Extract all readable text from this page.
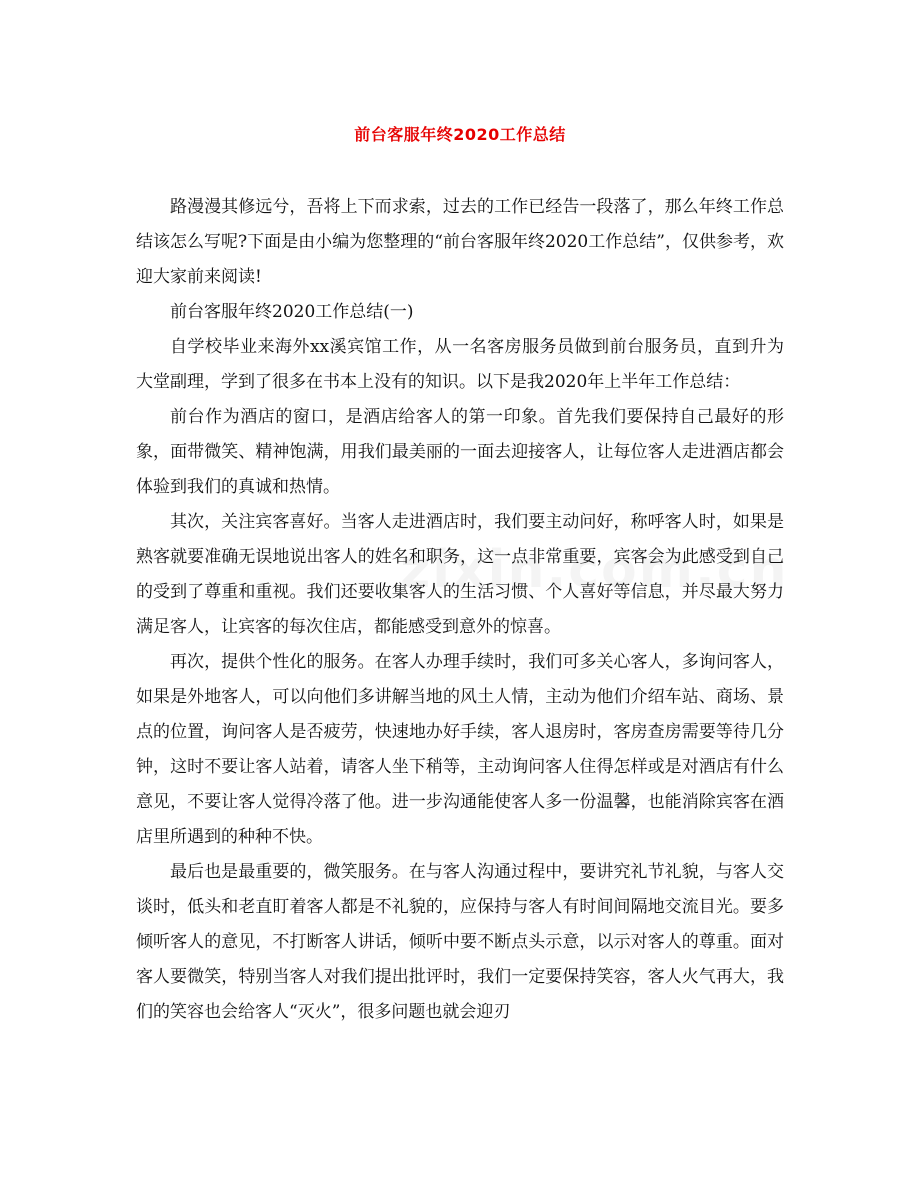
前台客服年终2020工作总结

路漫漫其修远兮，吾将上下而求索，过去的工作已经告一段落了，那么年终工作总结该怎么写呢?下面是由小编为您整理的“前台客服年终2020工作总结”，仅供参考，欢迎大家前来阅读!

前台客服年终2020工作总结(一)

自学校毕业来海外xx溪宾馆工作，从一名客房服务员做到前台服务员，直到升为大堂副理，学到了很多在书本上没有的知识。以下是我2020年上半年工作总结：

前台作为酒店的窗口，是酒店给客人的第一印象。首先我们要保持自己最好的形象，面带微笑、精神饱满，用我们最美丽的一面去迎接客人，让每位客人走进酒店都会体验到我们的真诚和热情。

其次，关注宾客喜好。当客人走进酒店时，我们要主动问好，称呼客人时，如果是熟客就要准确无误地说出客人的姓名和职务，这一点非常重要，宾客会为此感受到自己的受到了尊重和重视。我们还要收集客人的生活习惯、个人喜好等信息，并尽最大努力满足客人，让宾客的每次住店，都能感受到意外的惊喜。

再次，提供个性化的服务。在客人办理手续时，我们可多关心客人，多询问客人，如果是外地客人，可以向他们多讲解当地的风土人情，主动为他们介绍车站、商场、景点的位置，询问客人是否疲劳，快速地办好手续，客人退房时，客房查房需要等待几分钟，这时不要让客人站着，请客人坐下稍等，主动询问客人住得怎样或是对酒店有什么意见，不要让客人觉得冷落了他。进一步沟通能使客人多一份温馨，也能消除宾客在酒店里所遇到的种种不快。

最后也是最重要的，微笑服务。在与客人沟通过程中，要讲究礼节礼貌，与客人交谈时，低头和老直盯着客人都是不礼貌的，应保持与客人有时间间隔地交流目光。要多倾听客人的意见，不打断客人讲话，倾听中要不断点头示意，以示对客人的尊重。面对客人要微笑，特别当客人对我们提出批评时，我们一定要保持笑容，客人火气再大，我们的笑容也会给客人“灭火”，很多问题也就会迎刃
